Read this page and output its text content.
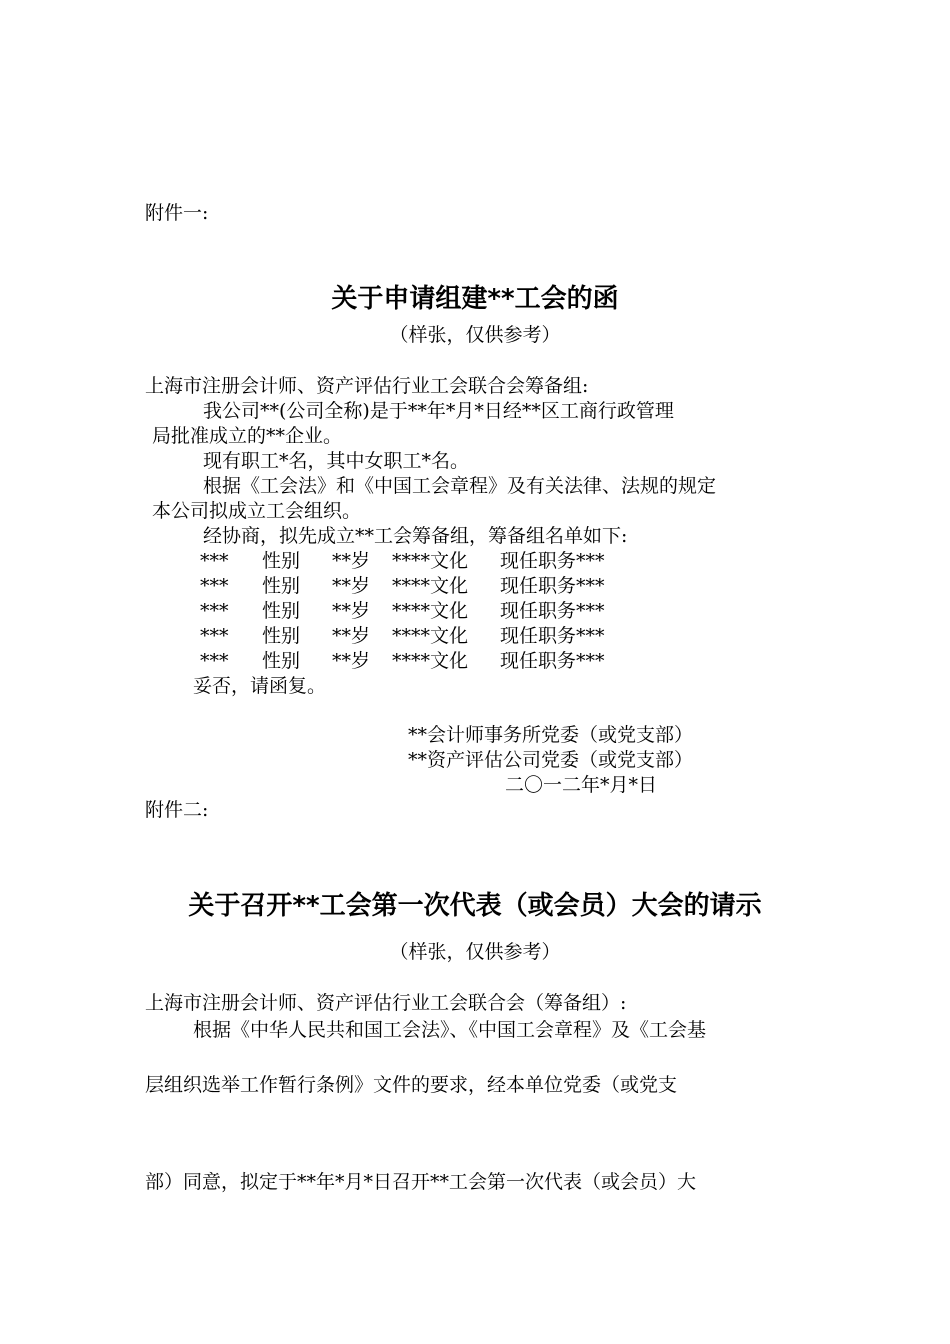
附件一:
关于申请组建**工会的函
（样张，仅供参考）
上海市注册会计师、资产评估行业工会联合会筹备组:
我公司**(公司全称)是于**年*月*日经**区工商行政管理
局批准成立的**企业。
现有职工*名，其中女职工*名。
根据《工会法》和《中国工会章程》及有关法律、法规的规定
本公司拟成立工会组织。
经协商，拟先成立**工会筹备组，筹备组名单如下:
*** 性别 **岁 ****文化 现任职务***
*** 性别 **岁 ****文化 现任职务***
*** 性别 **岁 ****文化 现任职务***
*** 性别 **岁 ****文化 现任职务***
*** 性别 **岁 ****文化 现任职务***
妥否，请函复。
**会计师事务所党委（或党支部）
**资产评估公司党委（或党支部）
二〇一二年*月*日
附件二:
关于召开**工会第一次代表（或会员）大会的请示
（样张，仅供参考）
上海市注册会计师、资产评估行业工会联合会（筹备组）:
根据《中华人民共和国工会法》、《中国工会章程》及《工会基
层组织选举工作暂行条例》文件的要求，经本单位党委（或党支
部）同意，拟定于**年*月*日召开**工会第一次代表（或会员）大
